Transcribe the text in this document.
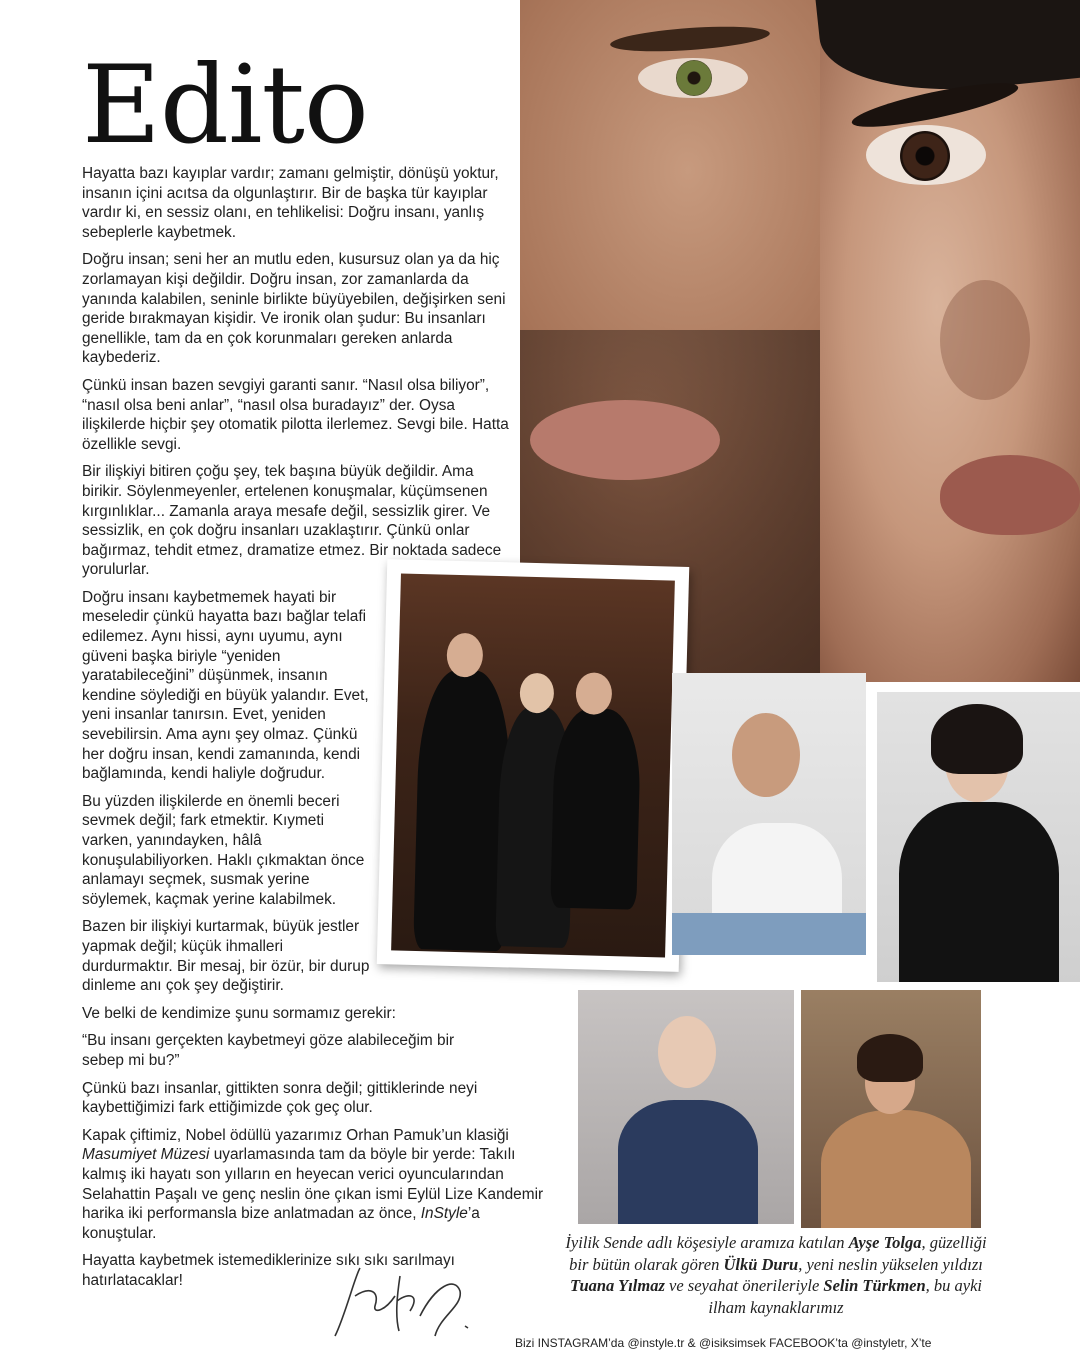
Edito

Hayatta bazı kayıplar vardır; zamanı gelmiştir, dönüşü yoktur, insanın içini acıtsa da olgunlaştırır. Bir de başka tür kayıplar vardır ki, en sessiz olanı, en tehlikelisi: Doğru insanı, yanlış sebeplerle kaybetmek.

Doğru insan; seni her an mutlu eden, kusursuz olan ya da hiç zorlamayan kişi değildir. Doğru insan, zor zamanlarda da yanında kalabilen, seninle birlikte büyüyebilen, değişirken seni geride bırakmayan kişidir. Ve ironik olan şudur: Bu insanları genellikle, tam da en çok korunmaları gereken anlarda kaybederiz.

Çünkü insan bazen sevgiyi garanti sanır. “Nasıl olsa biliyor”, “nasıl olsa beni anlar”, “nasıl olsa buradayız” der. Oysa ilişkilerde hiçbir şey otomatik pilotta ilerlemez. Sevgi bile. Hatta özellikle sevgi.

Bir ilişkiyi bitiren çoğu şey, tek başına büyük değildir. Ama birikir. Söylenmeyenler, ertelenen konuşmalar, küçümsenen kırgınlıklar... Zamanla araya mesafe değil, sessizlik girer. Ve sessizlik, en çok doğru insanları uzaklaştırır. Çünkü onlar bağırmaz, tehdit etmez, dramatize etmez. Bir noktada sadece yorulurlar.

Doğru insanı kaybetmemek hayati bir meseledir çünkü hayatta bazı bağlar telafi edilemez. Aynı hissi, aynı uyumu, aynı güveni başka biriyle “yeniden yaratabileceğini” düşünmek, insanın kendine söylediği en büyük yalandır. Evet, yeni insanlar tanırsın. Evet, yeniden sevebilirsin. Ama aynı şey olmaz. Çünkü her doğru insan, kendi zamanında, kendi bağlamında, kendi haliyle doğrudur.

Bu yüzden ilişkilerde en önemli beceri sevmek değil; fark etmektir. Kıymeti varken, yanındayken, hâlâ konuşulabiliyorken. Haklı çıkmaktan önce anlamayı seçmek, susmak yerine söylemek, kaçmak yerine kalabilmek.

Bazen bir ilişkiyi kurtarmak, büyük jestler yapmak değil; küçük ihmalleri durdurmaktır. Bir mesaj, bir özür, bir durup dinleme anı çok şey değiştirir.

Ve belki de kendimize şunu sormamız gerekir:

“Bu insanı gerçekten kaybetmeyi göze alabileceğim bir sebep mi bu?”

Çünkü bazı insanlar, gittikten sonra değil; gittiklerinde neyi kaybettiğimizi fark ettiğimizde çok geç olur.

Kapak çiftimiz, Nobel ödüllü yazarımız Orhan Pamuk’un klasiği Masumiyet Müzesi uyarlamasında tam da böyle bir yerde: Takılı kalmış iki hayatı son yılların en heyecan verici oyuncularından Selahattin Paşalı ve genç neslin öne çıkan ismi Eylül Lize Kandemir harika iki performansla bize anlatmadan az önce, InStyle’a konuştular.

Hayatta kaybetmek istemediklerinize sıkı sıkı sarılmayı hatırlatacaklar!

İyilik Sende adlı köşesiyle aramıza katılan Ayşe Tolga, güzelliği bir bütün olarak gören Ülkü Duru, yeni neslin yükselen yıldızı Tuana Yılmaz ve seyahat önerileriyle Selin Türkmen, bu ayki ilham kaynaklarımız
Bizi INSTAGRAM’da @instyle.tr & @isiksimsek FACEBOOK’ta @instyletr, X’te
